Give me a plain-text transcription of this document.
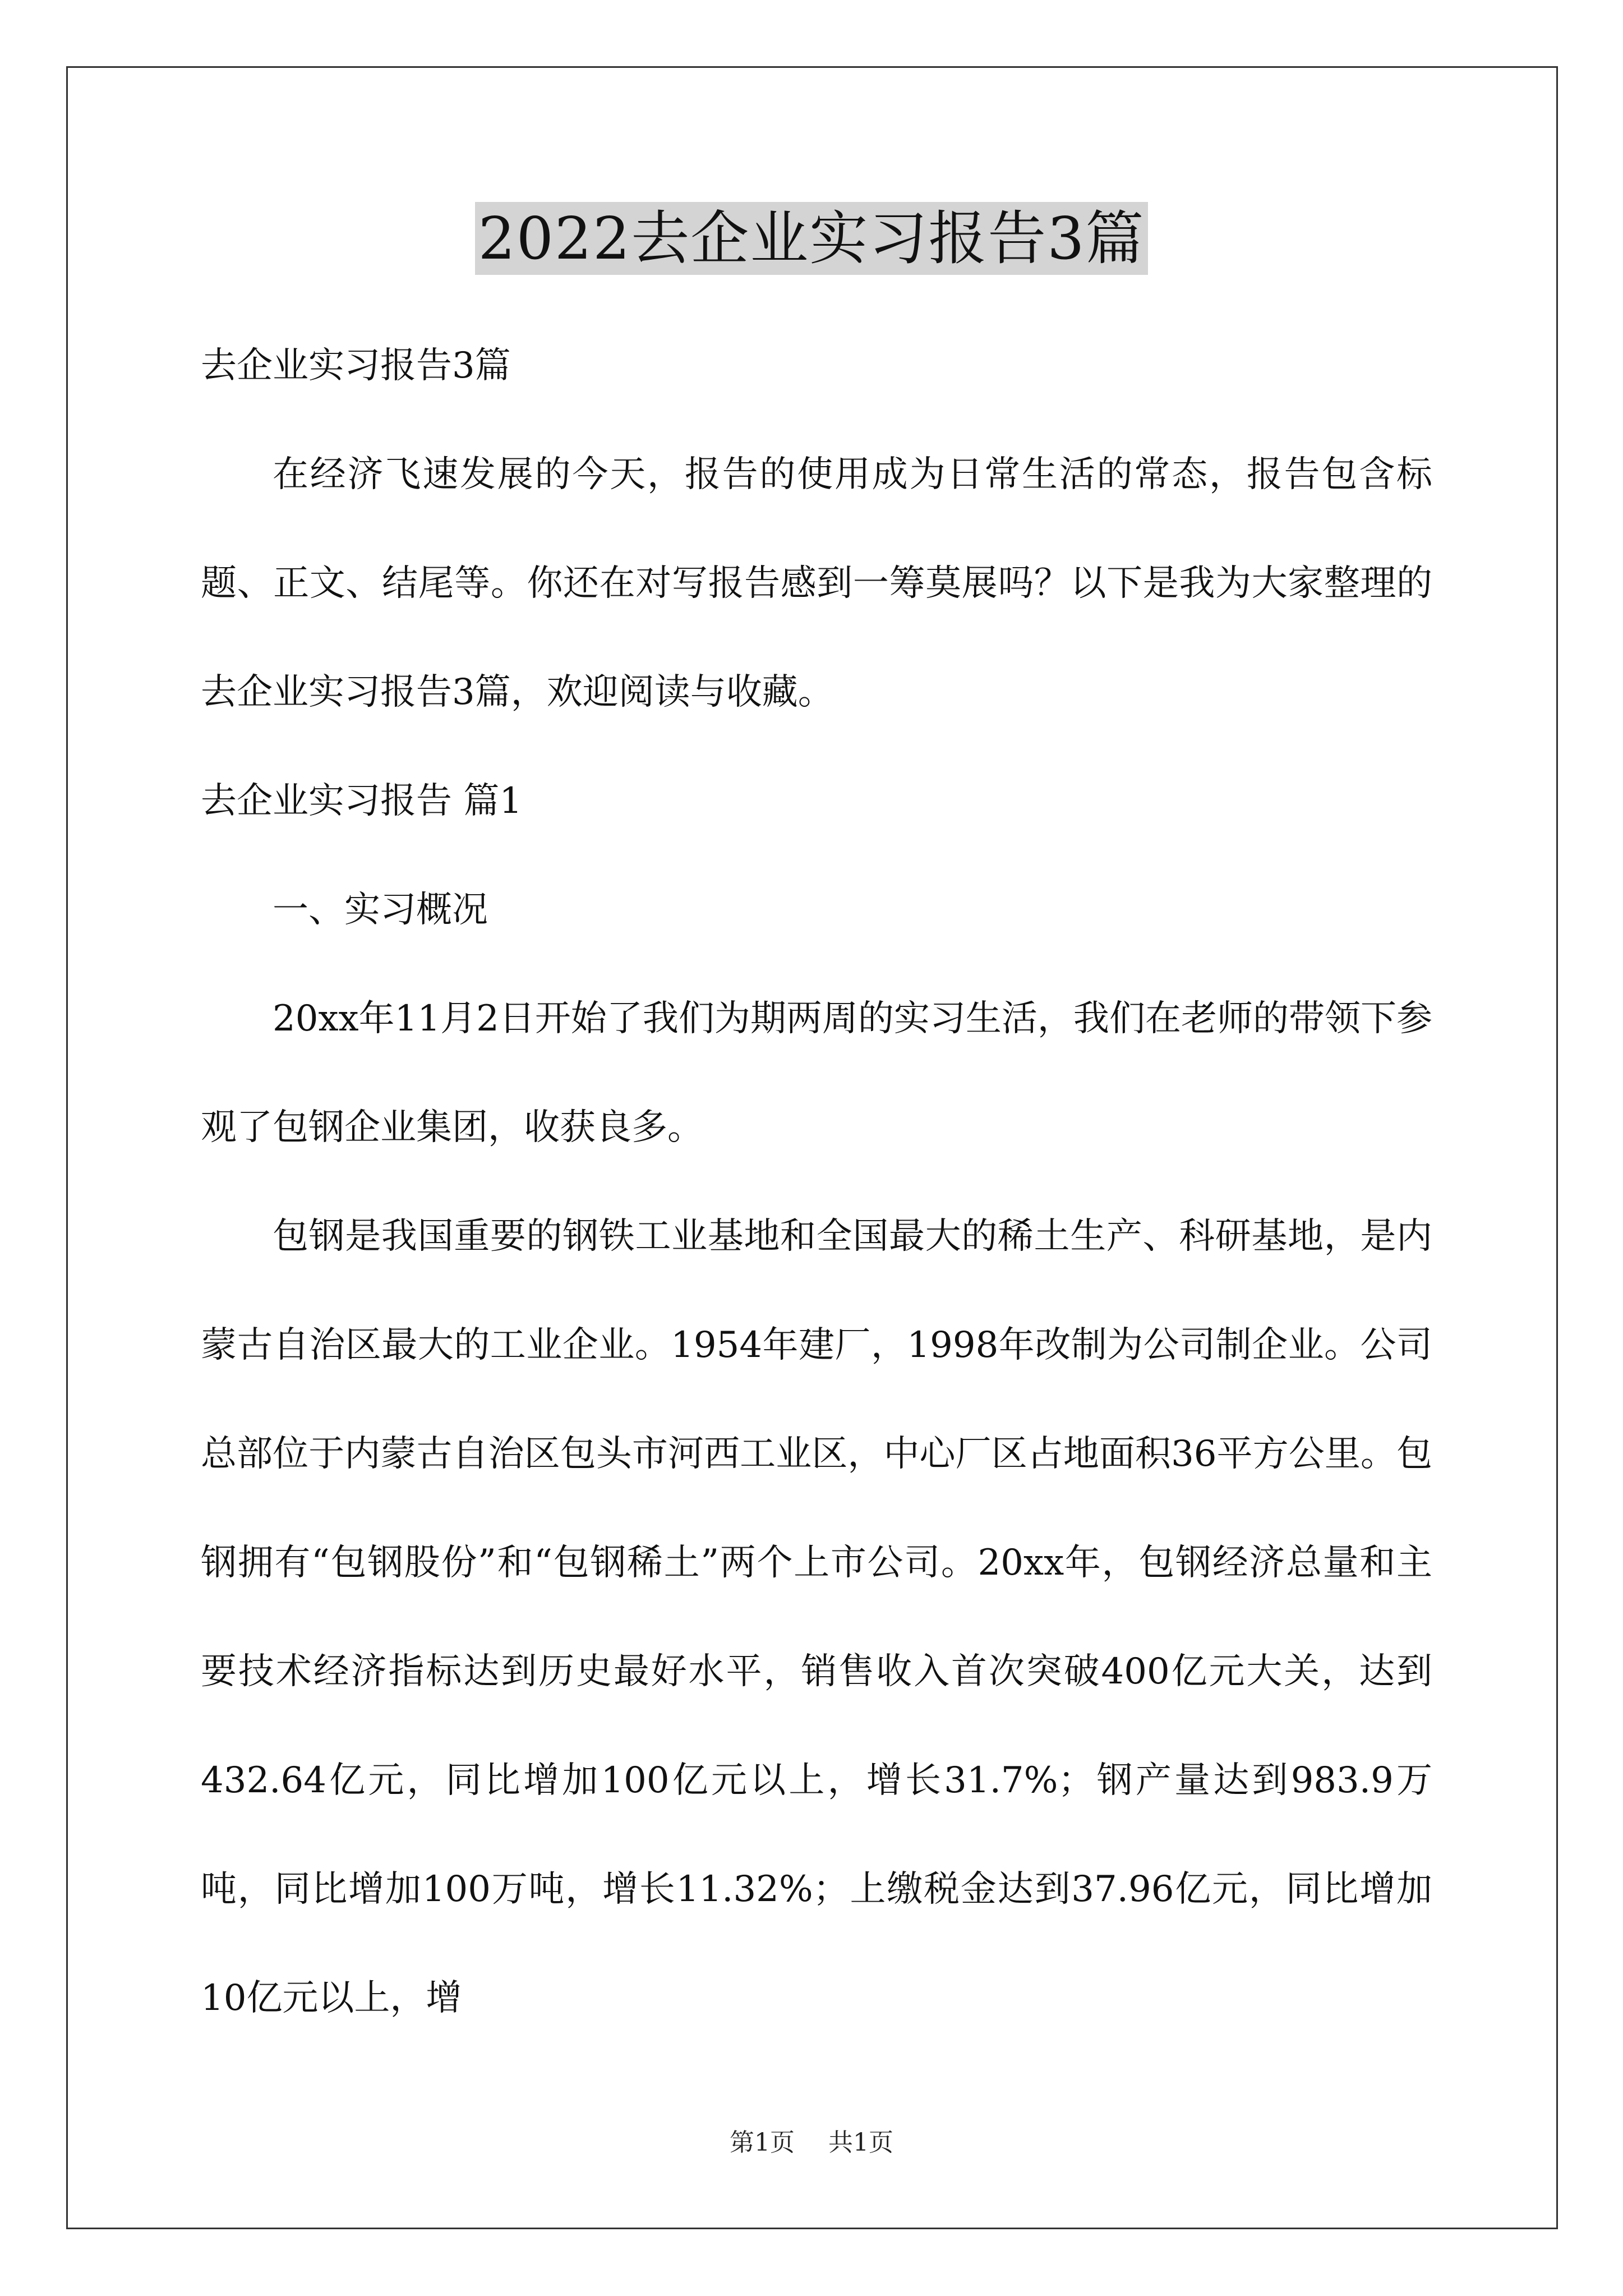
2022去企业实习报告3篇

去企业实习报告3篇

在经济飞速发展的今天，报告的使用成为日常生活的常态，报告包含标题、正文、结尾等。你还在对写报告感到一筹莫展吗？以下是我为大家整理的去企业实习报告3篇，欢迎阅读与收藏。

去企业实习报告 篇1

一、实习概况

20xx年11月2日开始了我们为期两周的实习生活，我们在老师的带领下参观了包钢企业集团，收获良多。

包钢是我国重要的钢铁工业基地和全国最大的稀土生产、科研基地，是内蒙古自治区最大的工业企业。1954年建厂，1998年改制为公司制企业。公司总部位于内蒙古自治区包头市河西工业区，中心厂区占地面积36平方公里。包钢拥有“包钢股份”和“包钢稀土”两个上市公司。20xx年，包钢经济总量和主要技术经济指标达到历史最好水平，销售收入首次突破400亿元大关，达到432.64亿元，同比增加100亿元以上，增长31.7%；钢产量达到983.9万吨，同比增加100万吨，增长11.32%；上缴税金达到37.96亿元，同比增加10亿元以上，增

第1页 共1页
